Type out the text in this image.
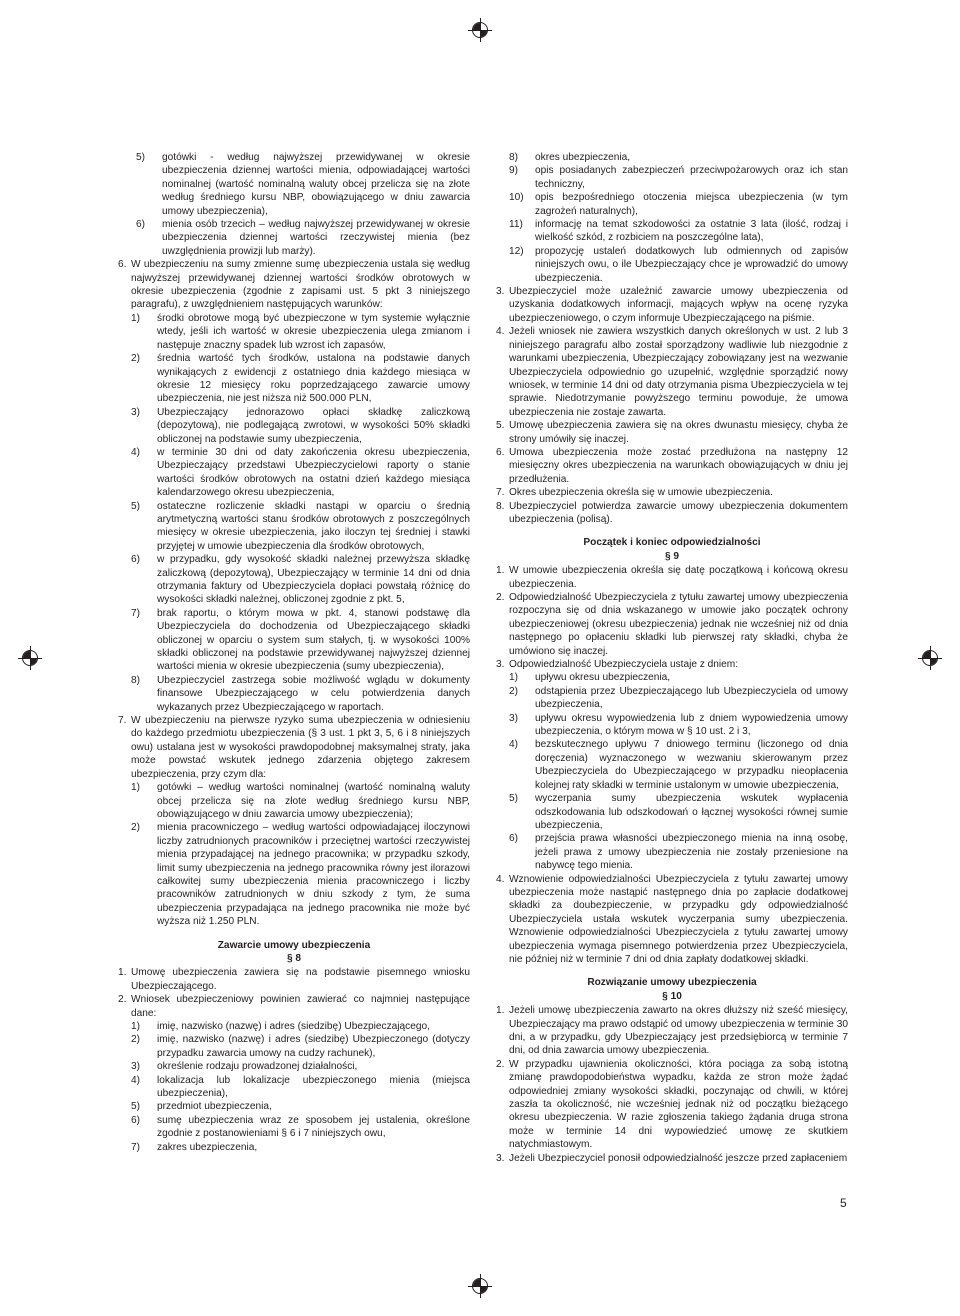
5) gotówki - według najwyższej przewidywanej w okresie ubezpieczenia dziennej wartości mienia, odpowiadającej wartości nominalnej (wartość nominalną waluty obcej przelicza się na złote według średniego kursu NBP, obowiązującego w dniu zawarcia umowy ubezpieczenia),
6) mienia osób trzecich – według najwyższej przewidywanej w okresie ubezpieczenia dziennej wartości rzeczywistej mienia (bez uwzględnienia prowizji lub marży).
6. W ubezpieczeniu na sumy zmienne sumę ubezpieczenia ustala się według najwyższej przewidywanej dziennej wartości środków obrotowych w okresie ubezpieczenia (zgodnie z zapisami ust. 5 pkt 3 niniejszego paragrafu), z uwzględnieniem następujących warunków:
1) środki obrotowe mogą być ubezpieczone w tym systemie wyłącznie wtedy, jeśli ich wartość w okresie ubezpieczenia ulega zmianom i następuje znaczny spadek lub wzrost ich zapasów,
2) średnia wartość tych środków, ustalona na podstawie danych wynikających z ewidencji z ostatniego dnia każdego miesiąca w okresie 12 miesięcy roku poprzedzającego zawarcie umowy ubezpieczenia, nie jest niższa niż 500.000 PLN,
3) Ubezpieczający jednorazowo opłaci składkę zaliczkową (depozytową), nie podlegającą zwrotowi, w wysokości 50% składki obliczonej na podstawie sumy ubezpieczenia,
4) w terminie 30 dni od daty zakończenia okresu ubezpieczenia, Ubezpieczający przedstawi Ubezpieczycielowi raporty o stanie wartości środków obrotowych na ostatni dzień każdego miesiąca kalendarzowego okresu ubezpieczenia,
5) ostateczne rozliczenie składki nastąpi w oparciu o średnią arytmetyczną wartości stanu środków obrotowych z poszczególnych miesięcy w okresie ubezpieczenia, jako iloczyn tej średniej i stawki przyjętej w umowie ubezpieczenia dla środków obrotowych,
6) w przypadku, gdy wysokość składki należnej przewyższa składkę zaliczkową (depozytową), Ubezpieczający w terminie 14 dni od dnia otrzymania faktury od Ubezpieczyciela dopłaci powstałą różnicę do wysokości składki należnej, obliczonej zgodnie z pkt. 5,
7) brak raportu, o którym mowa w pkt. 4, stanowi podstawę dla Ubezpieczyciela do dochodzenia od Ubezpieczającego składki obliczonej w oparciu o system sum stałych, tj. w wysokości 100% składki obliczonej na podstawie przewidywanej najwyższej dziennej wartości mienia w okresie ubezpieczenia (sumy ubezpieczenia),
8) Ubezpieczyciel zastrzega sobie możliwość wglądu w dokumenty finansowe Ubezpieczającego w celu potwierdzenia danych wykazanych przez Ubezpieczającego w raportach.
7. W ubezpieczeniu na pierwsze ryzyko suma ubezpieczenia w odniesieniu do każdego przedmiotu ubezpieczenia (§ 3 ust. 1 pkt 3, 5, 6 i 8 niniejszych owu) ustalana jest w wysokości prawdopodobnej maksymalnej straty, jaka może powstać wskutek jednego zdarzenia objętego zakresem ubezpieczenia, przy czym dla:
1) gotówki – według wartości nominalnej (wartość nominalną waluty obcej przelicza się na złote według średniego kursu NBP, obowiązującego w dniu zawarcia umowy ubezpieczenia);
2) mienia pracowniczego – według wartości odpowiadającej iloczynowi liczby zatrudnionych pracowników i przeciętnej wartości rzeczywistej mienia przypadającej na jednego pracownika; w przypadku szkody, limit sumy ubezpieczenia na jednego pracownika równy jest ilorazowi całkowitej sumy ubezpieczenia mienia pracowniczego i liczby pracowników zatrudnionych w dniu szkody z tym, że suma ubezpieczenia przypadająca na jednego pracownika nie może być wyższa niż 1.250 PLN.
Zawarcie umowy ubezpieczenia
§ 8
1. Umowę ubezpieczenia zawiera się na podstawie pisemnego wniosku Ubezpieczającego.
2. Wniosek ubezpieczeniowy powinien zawierać co najmniej następujące dane:
1) imię, nazwisko (nazwę) i adres (siedzibę) Ubezpieczającego,
2) imię, nazwisko (nazwę) i adres (siedzibę) Ubezpieczonego (dotyczy przypadku zawarcia umowy na cudzy rachunek),
3) określenie rodzaju prowadzonej działalności,
4) lokalizacja lub lokalizacje ubezpieczonego mienia (miejsca ubezpieczenia),
5) przedmiot ubezpieczenia,
6) sumę ubezpieczenia wraz ze sposobem jej ustalenia, określone zgodnie z postanowieniami § 6 i 7 niniejszych owu,
7) zakres ubezpieczenia,
8) okres ubezpieczenia,
9) opis posiadanych zabezpieczeń przeciwpożarowych oraz ich stan techniczny,
10) opis bezpośredniego otoczenia miejsca ubezpieczenia (w tym zagrożeń naturalnych),
11) informację na temat szkodowości za ostatnie 3 lata (ilość, rodzaj i wielkość szkód, z rozbiciem na poszczególne lata),
12) propozycję ustaleń dodatkowych lub odmiennych od zapisów niniejszych owu, o ile Ubezpieczający chce je wprowadzić do umowy ubezpieczenia.
3. Ubezpieczyciel może uzależnić zawarcie umowy ubezpieczenia od uzyskania dodatkowych informacji, mających wpływ na ocenę ryzyka ubezpieczeniowego, o czym informuje Ubezpieczającego na piśmie.
4. Jeżeli wniosek nie zawiera wszystkich danych określonych w ust. 2 lub 3 niniejszego paragrafu albo został sporządzony wadliwie lub niezgodnie z warunkami ubezpieczenia, Ubezpieczający zobowiązany jest na wezwanie Ubezpieczyciela odpowiednio go uzupełnić, względnie sporządzić nowy wniosek, w terminie 14 dni od daty otrzymania pisma Ubezpieczyciela w tej sprawie. Niedotrzymanie powyższego terminu powoduje, że umowa ubezpieczenia nie zostaje zawarta.
5. Umowę ubezpieczenia zawiera się na okres dwunastu miesięcy, chyba że strony umówiły się inaczej.
6. Umowa ubezpieczenia może zostać przedłużona na następny 12 miesięczny okres ubezpieczenia na warunkach obowiązujących w dniu jej przedłużenia.
7. Okres ubezpieczenia określa się w umowie ubezpieczenia.
8. Ubezpieczyciel potwierdza zawarcie umowy ubezpieczenia dokumentem ubezpieczenia (polisą).
Początek i koniec odpowiedzialności
§ 9
1. W umowie ubezpieczenia określa się datę początkową i końcową okresu ubezpieczenia.
2. Odpowiedzialność Ubezpieczyciela z tytułu zawartej umowy ubezpieczenia rozpoczyna się od dnia wskazanego w umowie jako początek ochrony ubezpieczeniowej (okresu ubezpieczenia) jednak nie wcześniej niż od dnia następnego po opłaceniu składki lub pierwszej raty składki, chyba że umówiono się inaczej.
3. Odpowiedzialność Ubezpieczyciela ustaje z dniem:
1) upływu okresu ubezpieczenia,
2) odstąpienia przez Ubezpieczającego lub Ubezpieczyciela od umowy ubezpieczenia,
3) upływu okresu wypowiedzenia lub z dniem wypowiedzenia umowy ubezpieczenia, o którym mowa w § 10 ust. 2 i 3,
4) bezskutecznego upływu 7 dniowego terminu (liczonego od dnia doręczenia) wyznaczonego w wezwaniu skierowanym przez Ubezpieczyciela do Ubezpieczającego w przypadku nieopłacenia kolejnej raty składki w terminie ustalonym w umowie ubezpieczenia,
5) wyczerpania sumy ubezpieczenia wskutek wypłacenia odszkodowania lub odszkodowań o łącznej wysokości równej sumie ubezpieczenia,
6) przejścia prawa własności ubezpieczonego mienia na inną osobę, jeżeli prawa z umowy ubezpieczenia nie zostały przeniesione na nabywcę tego mienia.
4. Wznowienie odpowiedzialności Ubezpieczyciela z tytułu zawartej umowy ubezpieczenia może nastąpić następnego dnia po zapłacie dodatkowej składki za doubezpieczenie, w przypadku gdy odpowiedzialność Ubezpieczyciela ustała wskutek wyczerpania sumy ubezpieczenia. Wznowienie odpowiedzialności Ubezpieczyciela z tytułu zawartej umowy ubezpieczenia wymaga pisemnego potwierdzenia przez Ubezpieczyciela, nie później niż w terminie 7 dni od dnia zapłaty dodatkowej składki.
Rozwiązanie umowy ubezpieczenia
§ 10
1. Jeżeli umowę ubezpieczenia zawarto na okres dłuższy niż sześć miesięcy, Ubezpieczający ma prawo odstąpić od umowy ubezpieczenia w terminie 30 dni, a w przypadku, gdy Ubezpieczający jest przedsiębiorcą w terminie 7 dni, od dnia zawarcia umowy ubezpieczenia.
2. W przypadku ujawnienia okoliczności, która pociąga za sobą istotną zmianę prawdopodobieństwa wypadku, każda ze stron może żądać odpowiedniej zmiany wysokości składki, poczynając od chwili, w której zaszła ta okoliczność, nie wcześniej jednak niż od początku bieżącego okresu ubezpieczenia. W razie zgłoszenia takiego żądania druga strona może w terminie 14 dni wypowiedzieć umowę ze skutkiem natychmiastowym.
3. Jeżeli Ubezpieczyciel ponosił odpowiedzialność jeszcze przed zapłaceniem
5
